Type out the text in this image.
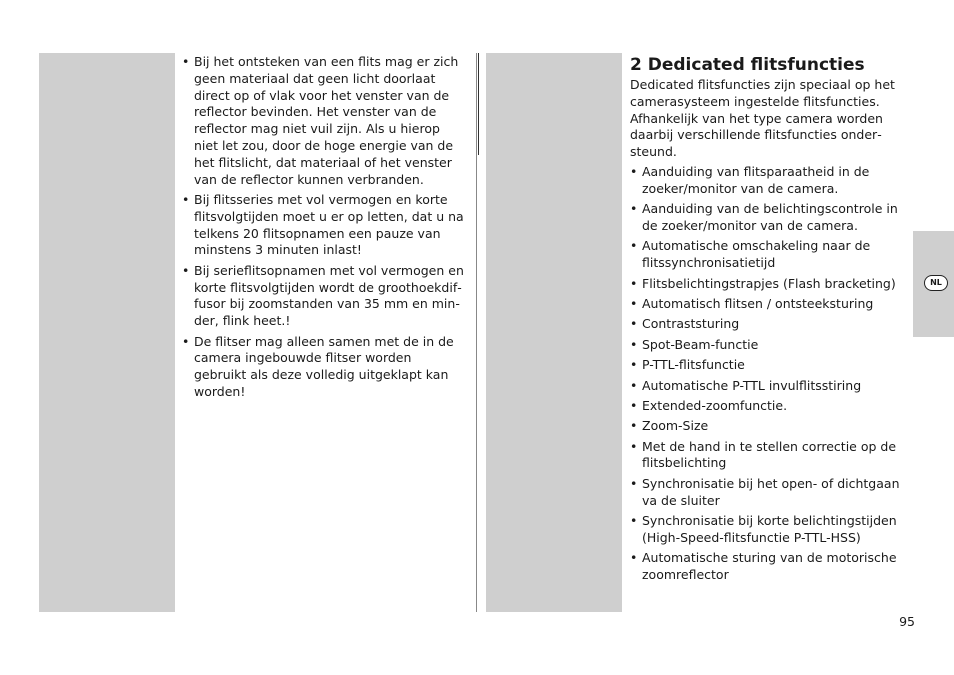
• Bij het ontsteken van een flits mag er zich geen materiaal dat geen licht doorlaat direct op of vlak voor het venster van de reflector bevinden. Het venster van de reflector mag niet vuil zijn. Als u hierop niet let zou, door de hoge energie van de het flitslicht, dat materiaal of het venster van de reflector kunnen verbranden.
• Bij flitsseries met vol vermogen en korte flitsvolgtijden moet u er op letten, dat u na telkens 20 flitsopnamen een pauze van minstens 3 minuten inlast!
• Bij serieflitsopnamen met vol vermogen en korte flitsvolgtijden wordt de groothoekdiffusor bij zoomstanden van 35 mm en minder, flink heet.!
• De flitser mag alleen samen met de in de camera ingebouwde flitser worden gebruikt als deze volledig uitgeklapt kan worden!
2 Dedicated flitsfuncties

Dedicated flitsfuncties zijn speciaal op het camerasysteem ingestelde flitsfuncties. Afhankelijk van het type camera worden daarbij verschillende flitsfuncties ondersteund.

• Aanduiding van flitsparaatheid in de zoeker/monitor van de camera.
• Aanduiding van de belichtingscontrole in de zoeker/monitor van de camera.
• Automatische omschakeling naar de flitssynchronisatietijd
• Flitsbelichtingstrapjes (Flash bracketing)
• Automatisch flitsen / ontsteeksturing
• Contraststuring
• Spot-Beam-functie
• P-TTL-flitsfunctie
• Automatische P-TTL invulflitsstiring
• Extended-zoomfunctie.
• Zoom-Size
• Met de hand in te stellen correctie op de flitsbelichting
• Synchronisatie bij het open- of dichtgaan va de sluiter
• Synchronisatie bij korte belichtingstijden (High-Speed-flitsfunctie P-TTL-HSS)
• Automatische sturing van de motorische zoomreflector
NL
95
